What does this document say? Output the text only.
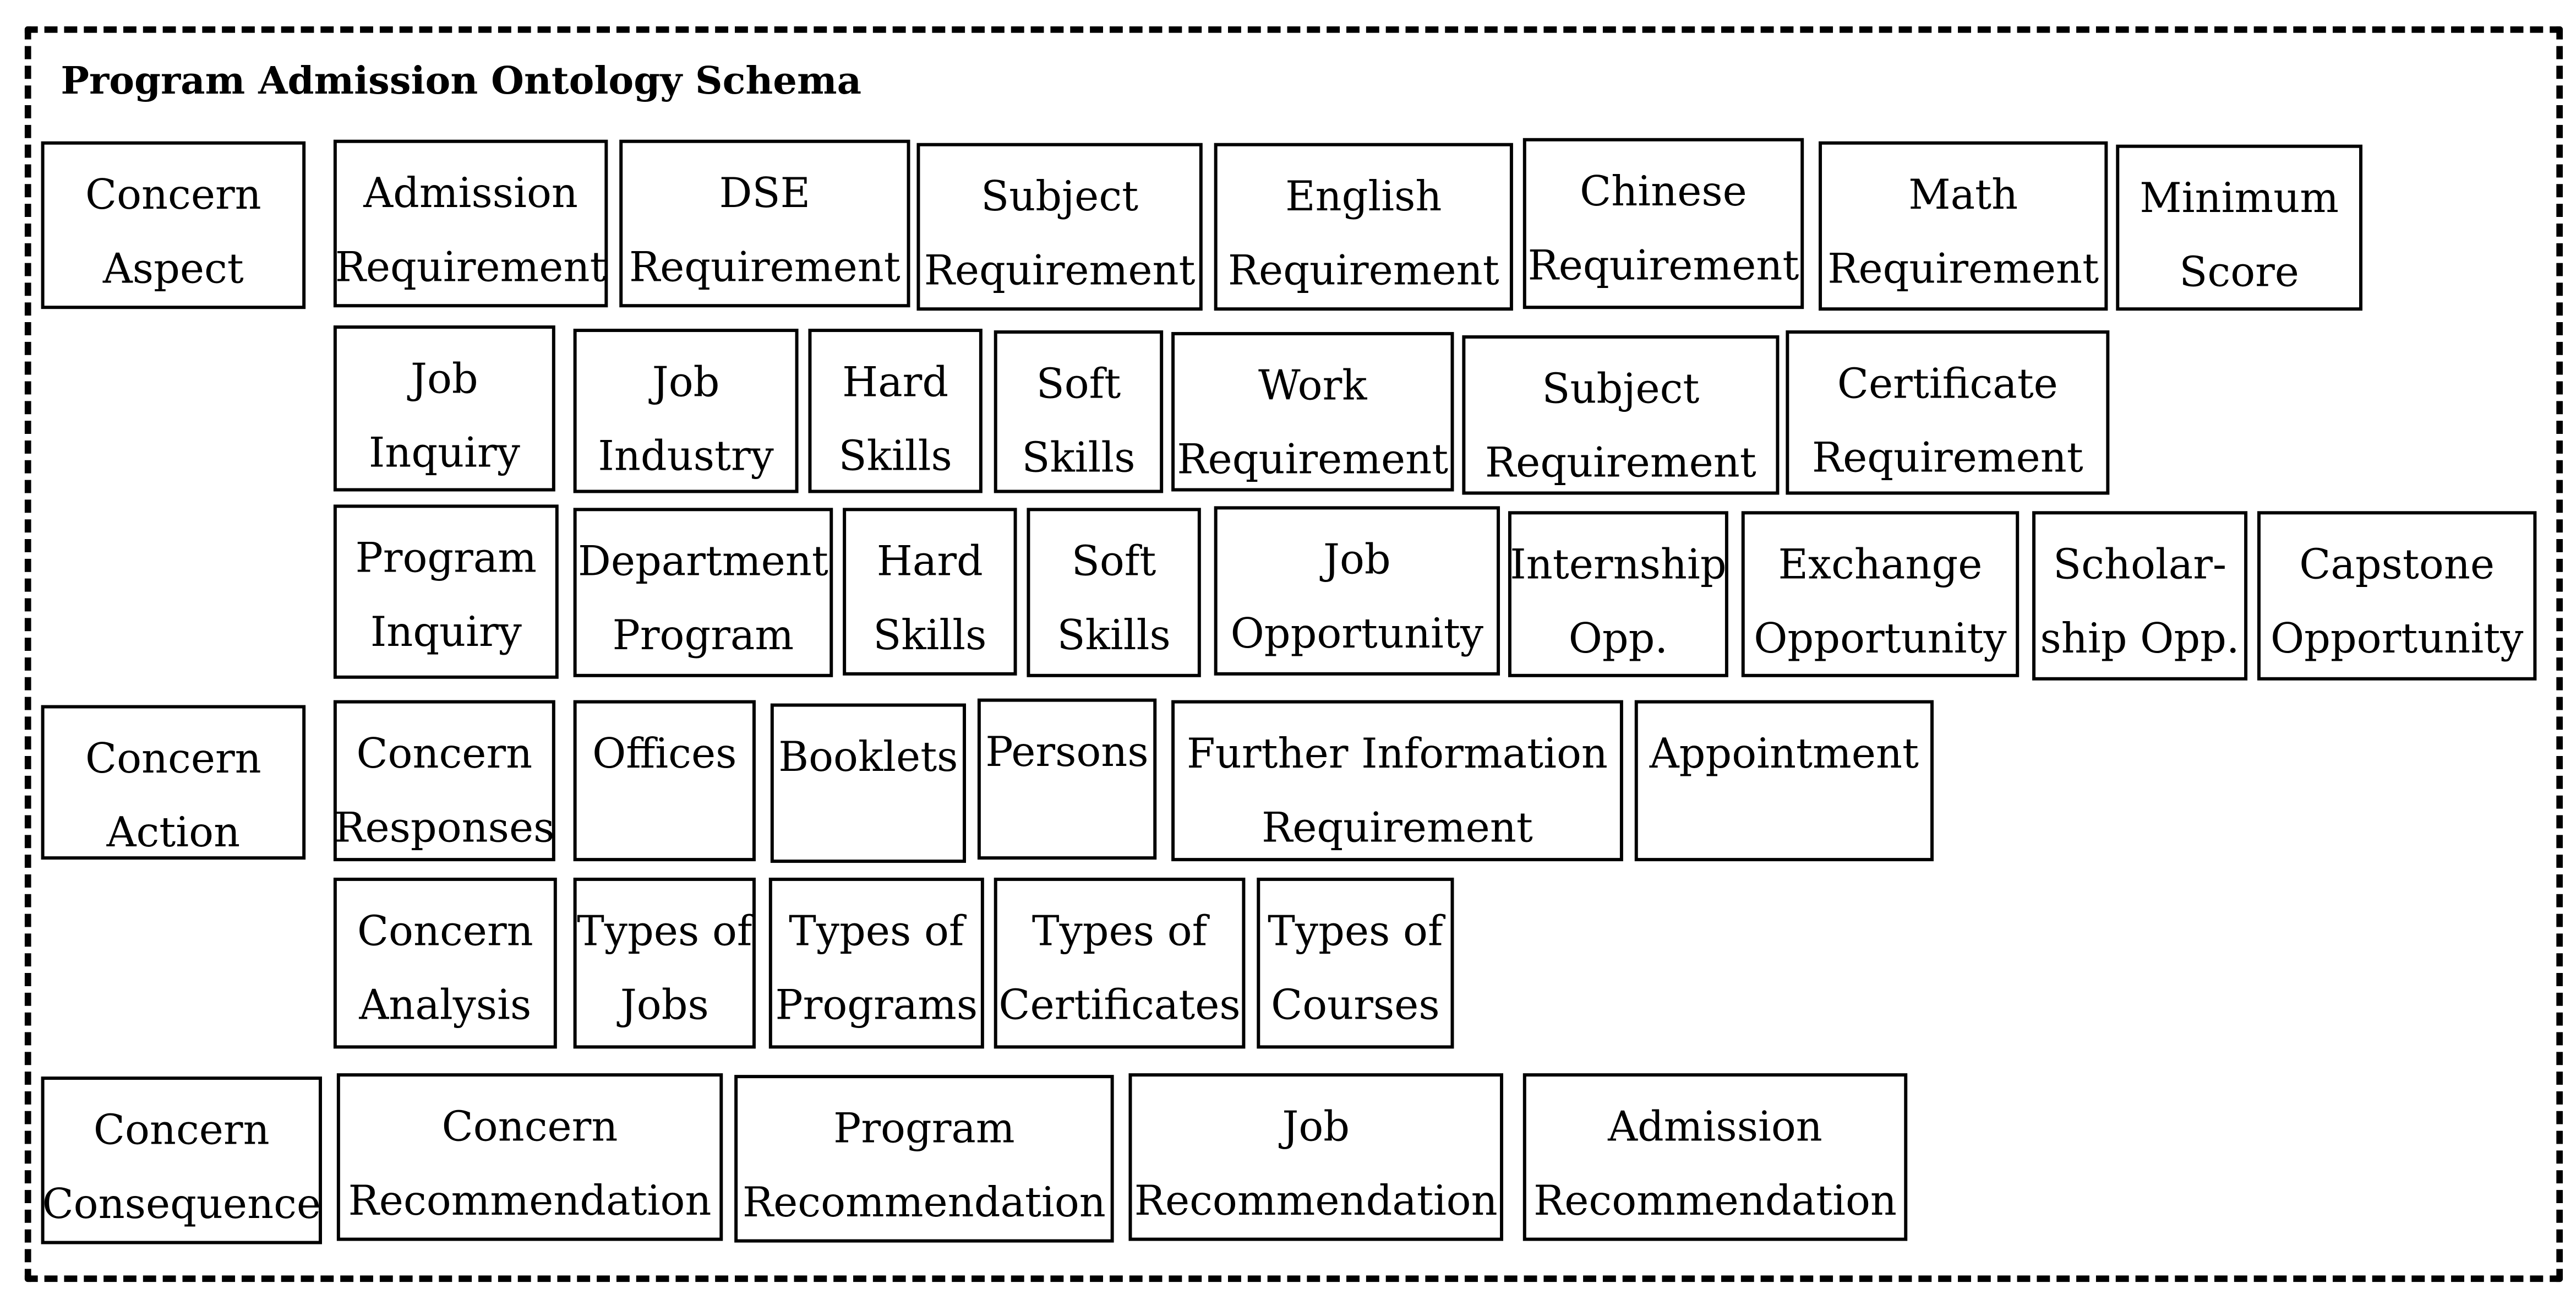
Program Admission Ontology Schema
Concern
Aspect
Concern
Action
Concern
Consequence
Admission
Requirement
DSE
Requirement
Subject
Requirement
English
Requirement
Chinese
Requirement
Math
Requirement
Minimum
Score
Job
Inquiry
Job
Industry
Hard
Skills
Soft
Skills
Work
Requirement
Subject
Requirement
Certificate
Requirement
Program
Inquiry
Department
Program
Hard
Skills
Soft
Skills
Job
Opportunity
Internship
Opp.
Exchange
Opportunity
Scholar-
ship Opp.
Capstone
Opportunity
Concern
Responses
Offices	Booklets Persons	Further Information
Requirement
Appointment
Concern
Analysis
Types of
Jobs
Types of
Programs
Types of
Certificates
Types of
Courses
Concern
Recommendation
Program
Recommendation
Job
Recommendation
Admission
Recommendation
